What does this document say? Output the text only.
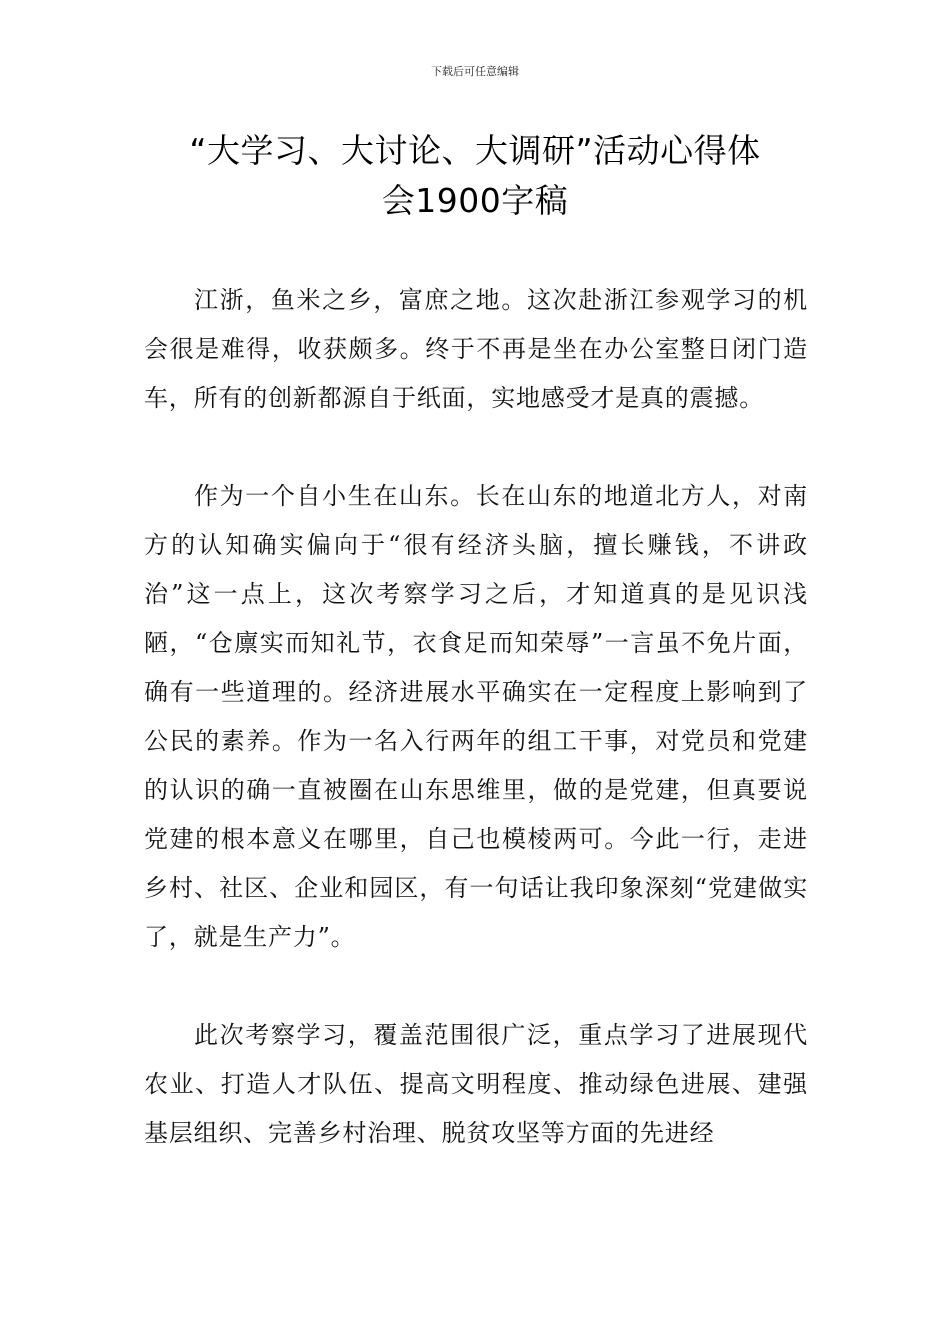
下载后可任意编辑
“大学习、大讨论、大调研”活动心得体
会1900字稿

江浙，鱼米之乡，富庶之地。这次赴浙江参观学习的机会很是难得，收获颇多。终于不再是坐在办公室整日闭门造车，所有的创新都源自于纸面，实地感受才是真的震撼。

作为一个自小生在山东。长在山东的地道北方人，对南方的认知确实偏向于“很有经济头脑，擅长赚钱，不讲政治”这一点上，这次考察学习之后，才知道真的是见识浅陋，“仓廪实而知礼节，衣食足而知荣辱”一言虽不免片面，确有一些道理的。经济进展水平确实在一定程度上影响到了公民的素养。作为一名入行两年的组工干事，对党员和党建的认识的确一直被圈在山东思维里，做的是党建，但真要说党建的根本意义在哪里，自己也模棱两可。今此一行，走进乡村、社区、企业和园区，有一句话让我印象深刻“党建做实了，就是生产力”。

此次考察学习，覆盖范围很广泛，重点学习了进展现代农业、打造人才队伍、提高文明程度、推动绿色进展、建强基层组织、完善乡村治理、脱贫攻坚等方面的先进经
